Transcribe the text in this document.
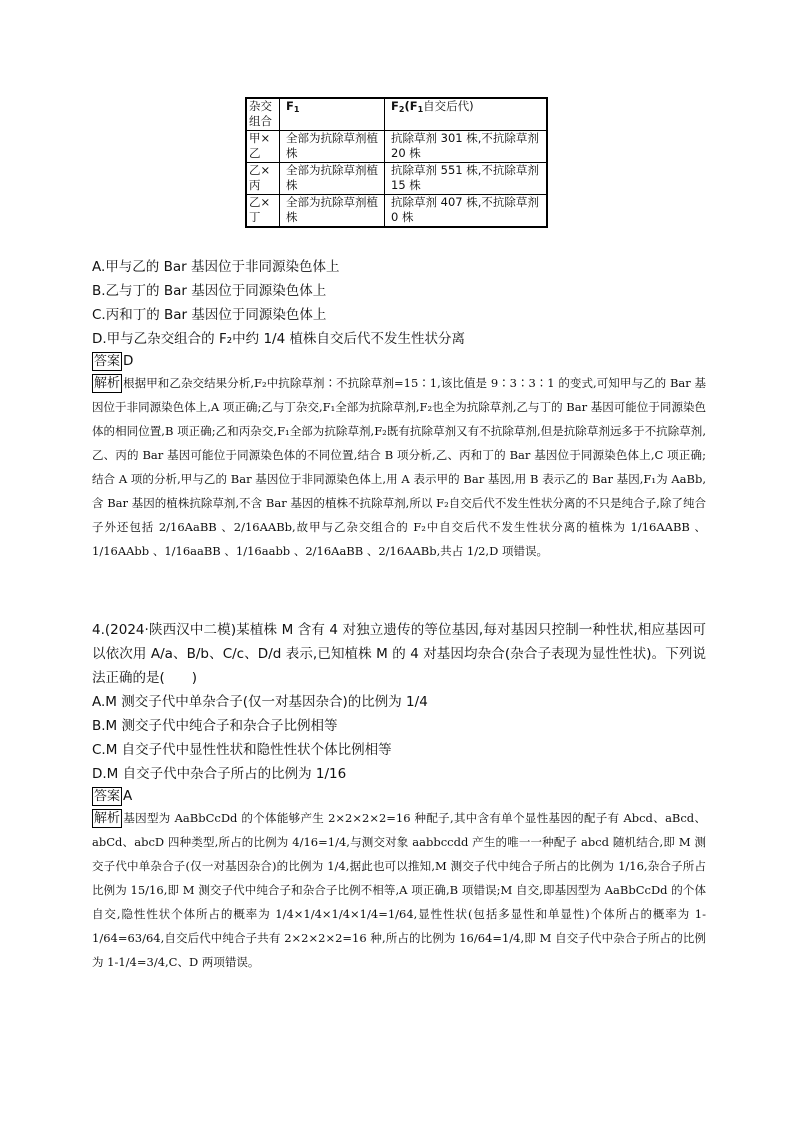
杂交组合	$F_1$	$F_2(F_1$自交后代)
甲×乙	全部为抗除草剂植株	抗除草剂 301 株,不抗除草剂 20 株
乙×丙	全部为抗除草剂植株	抗除草剂 551 株,不抗除草剂 15 株
乙×丁	全部为抗除草剂植株	抗除草剂 407 株,不抗除草剂 0 株
A.甲与乙的 Bar 基因位于非同源染色体上
B.乙与丁的 Bar 基因位于同源染色体上
C.丙和丁的 Bar 基因位于同源染色体上
D.甲与乙杂交组合的 F₂中约 1/4 植株自交后代不发生性状分离
答案 D
解析 根据甲和乙杂交结果分析,F₂中抗除草剂∶不抗除草剂=15∶1,该比值是 9∶3∶3∶1 的变式,可知甲与乙的 Bar 基因位于非同源染色体上,A 项正确;乙与丁杂交,F₁全部为抗除草剂,F₂也全为抗除草剂,乙与丁的 Bar 基因可能位于同源染色体的相同位置,B 项正确;乙和丙杂交,F₁全部为抗除草剂,F₂既有抗除草剂又有不抗除草剂,但是抗除草剂远多于不抗除草剂,乙、丙的 Bar 基因可能位于同源染色体的不同位置,结合 B 项分析,乙、丙和丁的 Bar 基因位于同源染色体上,C 项正确;结合 A 项的分析,甲与乙的 Bar 基因位于非同源染色体上,用 A 表示甲的 Bar 基因,用 B 表示乙的 Bar 基因,F₁为 AaBb,含 Bar 基因的植株抗除草剂,不含 Bar 基因的植株不抗除草剂,所以 F₂自交后代不发生性状分离的不只是纯合子,除了纯合子外还包括 2/16AaBB 、2/16AABb,故甲与乙杂交组合的 F₂中自交后代不发生性状分离的植株为 1/16AABB 、1/16AAbb 、1/16aaBB 、1/16aabb 、2/16AaBB 、2/16AABb,共占 1/2,D 项错误。
4.(2024·陕西汉中二模)某植株 M 含有 4 对独立遗传的等位基因,每对基因只控制一种性状,相应基因可以依次用 A/a、B/b、C/c、D/d 表示,已知植株 M 的 4 对基因均杂合(杂合子表现为显性性状)。下列说法正确的是(　　)
A.M 测交子代中单杂合子(仅一对基因杂合)的比例为 1/4
B.M 测交子代中纯合子和杂合子比例相等
C.M 自交子代中显性性状和隐性性状个体比例相等
D.M 自交子代中杂合子所占的比例为 1/16
答案 A
解析 基因型为 AaBbCcDd 的个体能够产生 2×2×2×2=16 种配子,其中含有单个显性基因的配子有 Abcd、aBcd、abCd、abcD 四种类型,所占的比例为 4/16=1/4,与测交对象 aabbccdd 产生的唯一一种配子 abcd 随机结合,即 M 测交子代中单杂合子(仅一对基因杂合)的比例为 1/4,据此也可以推知,M 测交子代中纯合子所占的比例为 1/16,杂合子所占比例为 15/16,即 M 测交子代中纯合子和杂合子比例不相等,A 项正确,B 项错误;M 自交,即基因型为 AaBbCcDd 的个体自交,隐性性状个体所占的概率为 1/4×1/4×1/4×1/4=1/64,显性性状(包括多显性和单显性)个体所占的概率为 1-1/64=63/64,自交后代中纯合子共有 2×2×2×2=16 种,所占的比例为 16/64=1/4,即 M 自交子代中杂合子所占的比例为 1-1/4=3/4,C、D 两项错误。
